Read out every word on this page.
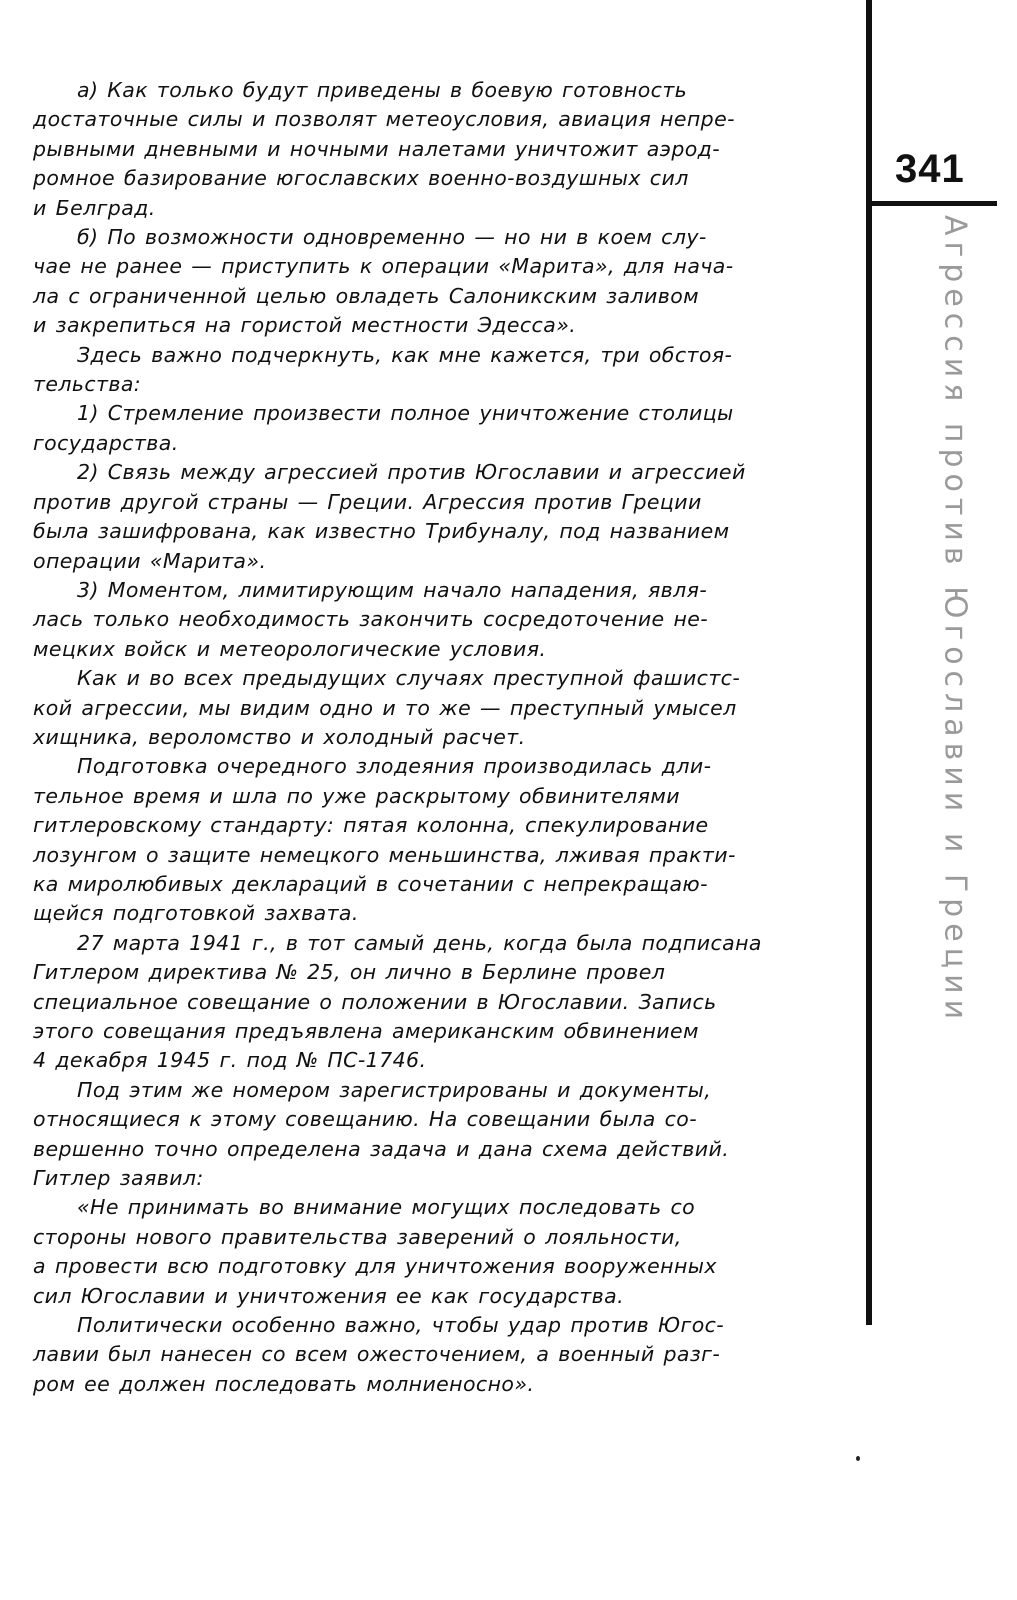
а) Как только будут приведены в боевую готовность
достаточные силы и позволят метеоусловия, авиация непре-
рывными дневными и ночными налетами уничтожит аэрод-
ромное базирование югославских военно-воздушных сил
и Белград.

б) По возможности одновременно — но ни в коем слу-
чае не ранее — приступить к операции «Марита», для нача-
ла с ограниченной целью овладеть Салоникским заливом
и закрепиться на гористой местности Эдесса».

Здесь важно подчеркнуть, как мне кажется, три обстоя-
тельства:

1) Стремление произвести полное уничтожение столицы
государства.

2) Связь между агрессией против Югославии и агрессией
против другой страны — Греции. Агрессия против Греции
была зашифрована, как известно Трибуналу, под названием
операции «Марита».

3) Моментом, лимитирующим начало нападения, явля-
лась только необходимость закончить сосредоточение не-
мецких войск и метеорологические условия.

Как и во всех предыдущих случаях преступной фашистс-
кой агрессии, мы видим одно и то же — преступный умысел
хищника, вероломство и холодный расчет.

Подготовка очередного злодеяния производилась дли-
тельное время и шла по уже раскрытому обвинителями
гитлеровскому стандарту: пятая колонна, спекулирование
лозунгом о защите немецкого меньшинства, лживая практи-
ка миролюбивых деклараций в сочетании с непрекращаю-
щейся подготовкой захвата.

27 марта 1941 г., в тот самый день, когда была подписана
Гитлером директива № 25, он лично в Берлине провел
специальное совещание о положении в Югославии. Запись
этого совещания предъявлена американским обвинением
4 декабря 1945 г. под № ПС-1746.

Под этим же номером зарегистрированы и документы,
относящиеся к этому совещанию. На совещании была со-
вершенно точно определена задача и дана схема действий.
Гитлер заявил:

«Не принимать во внимание могущих последовать со
стороны нового правительства заверений о лояльности,
а провести всю подготовку для уничтожения вооруженных
сил Югославии и уничтожения ее как государства.

Политически особенно важно, чтобы удар против Югос-
лавии был нанесен со всем ожесточением, а военный разг-
ром ее должен последовать молниеносно».

341
Агрессия против Югославии и Греции
